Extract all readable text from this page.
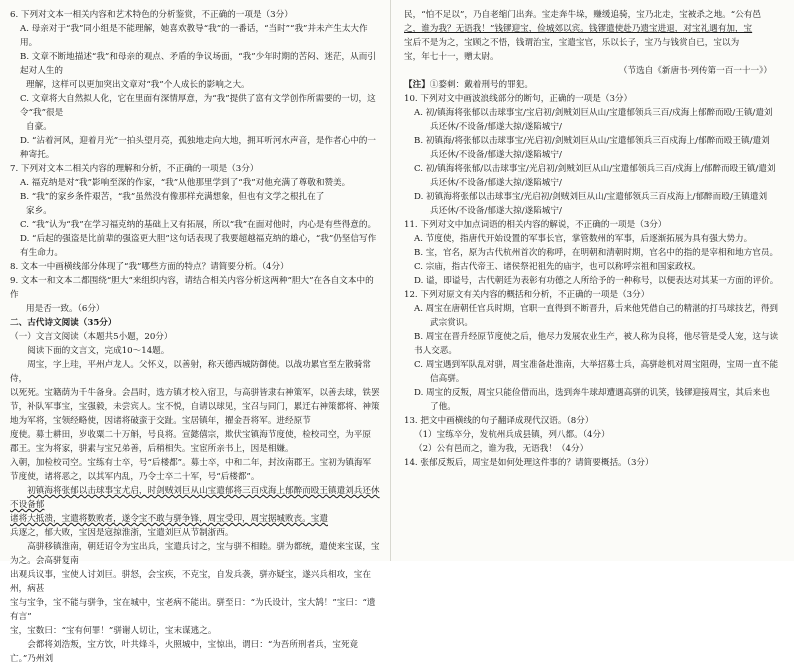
6. 下列对文本一相关内容和艺术特色的分析鉴赏，不正确的一项是（3分）

A. 母亲对于“我”同小组是不能理解，她喜欢教导“我”的一番话，“当时”“我”并未产生太大作用。

B. 文章不断地描述“我”和母亲的观点、矛盾的争议场面，“我”少年时期的苦闷、迷茫，从而引起对人生的

理解，这样可以更加突出文章对“我”个人成长的影响之大。

C. 文章将大自然拟人化，它在里面有深情厚意，为“我”提供了富有文学创作所需要的一切，这令“我”很是

自豪。

D. “沾着河风，迎着月光”一拍头望月亮，孤独地走向大地，拥耳听河水声音，是作者心中的一种寄托。

7. 下列对文本二相关内容的理解和分析，不正确的一项是（3分）

A. 福克纳是对“我”影响至深的作家，“我”从他那里学到了“我”对他充满了尊敬和赞美。

B. “我”的家乡条件艰苦，“我”虽然没有像那样充满想象，但也有文学之根扎在了

家乡。

C. “我”认为“我”在学习福克纳的基础上又有拓展，所以“我”在面对他时，内心是有些得意的。

D. “后起的强盗是比前辈的强盗更大胆”这句话表现了我要超越福克纳的雄心，“我”仍坚信写作有生命力。

8. 文本一中画横线部分体现了“我”哪些方面的特点？请简要分析。（4分）

9. 文本一和文本二都围绕“胆大”来组织内容，请结合相关内容分析这两种“胆大”在各自文本中的作

用是否一致。（6分）

二、古代诗文阅读（35分）

（一）文言文阅读（本题共5小题，20分）

阅读下面的文言文，完成10～14题。

周宝，字上珪，平州卢龙人。父怀义，以善射，称天德西城防御使。以战功累官至左散骑常侍，

以死死。宝籍荫为千牛备身。会昌时，选方镇才校入宿卫，与高骈皆隶右神策军，以善去球，铁罢

节，补队军事宝，宝强毅，未尝宾人。宝不悦，自请以球见，宝召与同门，累迁右神策都将、神策

地为军将，宝领经略使，因诸将破蛮于交趾。宝居镇年，擢金吾将军。进经原节

度使。募士耕田，岁收粟二十万斛，号良将。宣懿僖宗，欺伏宝镇海节度使，检校司空，为平原

郡王。宝为将家，骈素与宝兄弟善，后稍相失。宝宦所亲书上，因是相嫌。

入朝，加检校司空。宝练有士卒，号“后楼都”。募士卒，中和二年，封汝南郡王。宝初为镇海军

节度使，诸将恶之，以其军内乱，乃令士卒二十军，号“后楼都”。

初镇海将张郁以击球事宝尤启，时剑贼刘巨从山宝遣郁将三百戍海上郁醉而殴王镇遣刘兵还休不设备郁

诸将大抵溃，宝遣将数败者，遂令宝不敢与骈争锋，周宝受印，周宝据城败丧。宝遣

兵逐之，郁大败，宝因是寇掠淮浙，宝遣刘巨从节制浙西。

高骈移镇淮南，朝廷诏令为宝出兵，宝遣兵讨之，宝与骈不相睦。骈为都统，遣使来宝谋，宝为之。会高骈复南

出观兵议事，宝使人讨刘巨。骈怒，会宝疾，不克宝，自发兵袭，骈亦疑宝，遂兴兵相攻，宝在州，病甚

宝与宝争，宝不能与骈争，宝在城中，宝老病不能出。骈至日：“为氏设计，宝大鹄！”宝曰：“遗有言”

宝，宝数曰：“宝有何罪！”骈谢人切让，宝末谋逃之。

会都将刘浩叛，宝方饮，叶共烽斗，火照城中，宝惊出，谓曰：“为吾所刑者兵，宝死竟亡。”乃州刘

民，“怕不足以”，乃自老缩门出奔。宝走奔牛垛，赚缓追骑，宝乃北走，宝被杀之地。“公有邑

之，谁为我？无语我！”钱镠迎宝，俭城郊以宾。钱镠遣使赴乃遗宝进退，对宝礼遇有加，宝

宝后不是为之，宝顾之不悟，钱谓治宝，宝遣宝官，乐以长子，宝乃与钱赏自已，宝以为

宝，年七十一，赠太尉。

（节选自《新唐书·列传第一百一十一》）

【注】①婺刺：戴着刑号的罪犯。

10. 下列对文中画波浪线部分的断句，正确的一项是（3分）

A. 初/镇海将张郁以击球事宝/宝启初/剑贼刘巨从山/宝遣郁领兵三百/戍海上郁醉而殴/王镇/遣刘

兵还休/不设备/郁遂大掠/遂陷城宁/

B. 初镇海/将张郁以击球事宝/光启初/剑贼刘巨从山/宝遣郁领兵三百戍海上/郁醉而殴王镇/遣刘

兵还休/不设备/郁遂大掠/遂陷城宁/

C. 初/镇海将张郁/以击球事宝/光启初/剑贼刘巨从山/宝遣郁领兵三百/戍海上/郁醉而殴王镇/遣刘

兵还休/不设备/郁遂大掠/遂陷城宁/

D. 初镇海将张郁以击球事宝/光启初/剑贼刘巨从山/宝遣郁领兵三百戍海上/郁醉而殴/王镇遣刘

兵还休/不设备/郁遂大掠/遂陷城宁/

11. 下列对文中加点词语的相关内容的解说，不正确的一项是（3分）

A. 节度使，指唐代开始设置的军事长官，掌管数州的军事，后逐渐拓展为具有强大势力。

B. 宝，官名，原为古代杭州首次的称呼，在明朝和清朝时期，官名中的指的是宰相和地方官员。

C. 宗庙，指古代帝王、诸侯祭祀祖先的庙宇，也可以称呼宗祖和国家政权。

D. 谥，即谥号，古代朝廷为表彰有功德之人所给予的一种称号，以便表达对其某一方面的评价。

12. 下列对原文有关内容的概括和分析，不正确的一项是（3分）

A. 周宝在唐朝任官兵时期，官职一直得到不断晋升，后来他凭借自己的精湛的打马球技艺，得到

武宗赏识。

B. 周宝在晋升经原节度使之后，他尽力发展农业生产，被人称为良将，他尽管是受人宠，这与读书人交恶。

C. 周宝遇到军队乱对骈，周宝准备赴淮南，大举招募士兵，高骈趁机对周宝阻碍，宝周一直不能

信高骈。

D. 周宝的反叛，周宝只能俭借而出，选到奔牛球却遭遇高骈的讥笑，钱镠迎接周宝，其后来也

了他。

13. 把文中画横线的句子翻译成现代汉语。（8分）

（1）宝练卒分，发杭州兵成县镇，列八都。（4分）

（2）公有邑而之，谁为我，无语我！（4分）

14. 张郁反叛后，周宝是如何处理这件事的？请简要概括。（3分）
